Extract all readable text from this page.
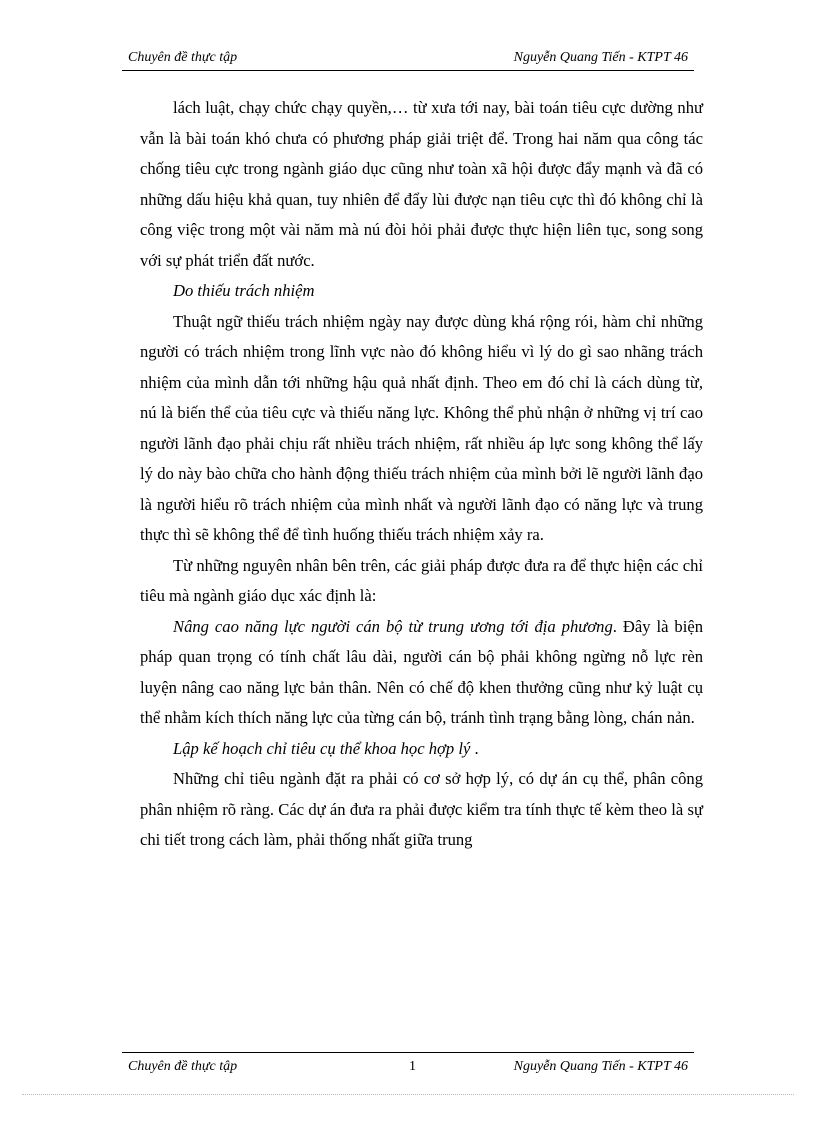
Chuyên đề thực tập	Nguyễn Quang Tiến - KTPT 46

lách luật, chạy chức chạy quyền,… từ xưa tới nay, bài toán tiêu cực dường như vẫn là bài toán khó chưa có phương pháp giải triệt để. Trong hai năm qua công tác chống tiêu cực trong ngành giáo dục cũng như toàn xã hội được đẩy mạnh và đã có những dấu hiệu khả quan, tuy nhiên để đẩy lùi được nạn tiêu cực thì đó không chỉ là công việc trong một vài năm mà nú đòi hỏi phải được thực hiện liên tục, song song với sự phát triển đất nước.

Do thiếu trách nhiệm

Thuật ngữ thiếu trách nhiệm ngày nay được dùng khá rộng rói, hàm chỉ những người có trách nhiệm trong lĩnh vực nào đó không hiểu vì lý do gì sao nhãng trách nhiệm của mình dẫn tới những hậu quả nhất định. Theo em đó chỉ là cách dùng từ, nú là biến thể của tiêu cực và thiếu năng lực. Không thể phủ nhận ở những vị trí cao người lãnh đạo phải chịu rất nhiều trách nhiệm, rất nhiều áp lực song không thể lấy lý do này bào chữa cho hành động thiếu trách nhiệm của mình bởi lẽ người lãnh đạo là người hiểu rõ trách nhiệm của mình nhất và người lãnh đạo có năng lực và trung thực thì sẽ không thể để tình huống thiếu trách nhiệm xảy ra.

Từ những nguyên nhân bên trên, các giải pháp được đưa ra để thực hiện các chỉ tiêu mà ngành giáo dục xác định là:

Nâng cao năng lực người cán bộ từ trung ương tới địa phương. Đây là biện pháp quan trọng có tính chất lâu dài, người cán bộ phải không ngừng nỗ lực rèn luyện nâng cao năng lực bản thân. Nên có chế độ khen thưởng cũng như kỷ luật cụ thể nhằm kích thích năng lực của từng cán bộ, tránh tình trạng bằng lòng, chán nản.

Lập kế hoạch chỉ tiêu cụ thể khoa học hợp lý .

Những chỉ tiêu ngành đặt ra phải có cơ sở hợp lý, có dự án cụ thể, phân công phân nhiệm rõ ràng. Các dự án đưa ra phải được kiểm tra tính thực tế kèm theo là sự chi tiết trong cách làm, phải thống nhất giữa trung

Chuyên đề thực tập	1	Nguyễn Quang Tiến - KTPT 46
